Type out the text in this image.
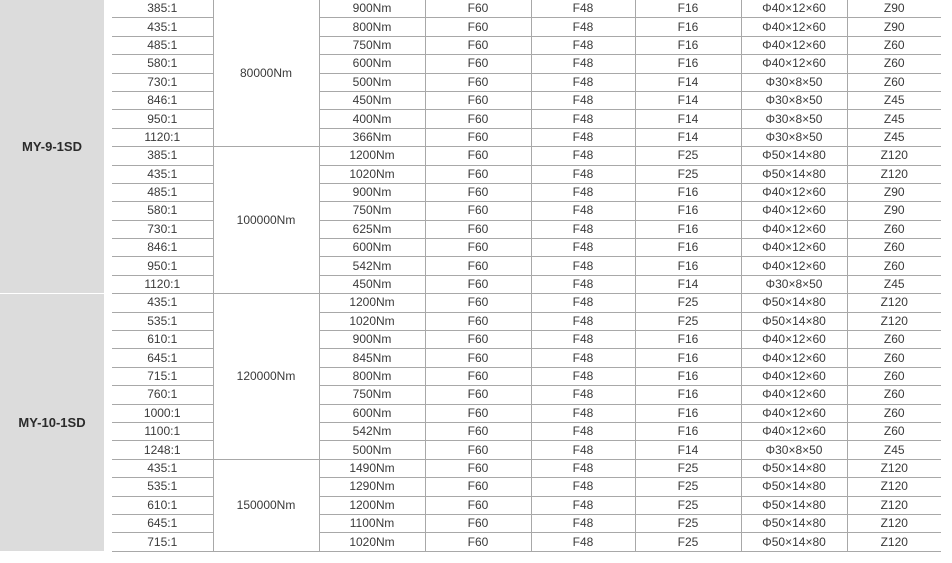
MY-9-1SD	385:1	80000Nm	900Nm	F60	F48	F16	Φ40×12×60	Z90
	435:1		800Nm	F60	F48	F16	Φ40×12×60	Z90
	485:1		750Nm	F60	F48	F16	Φ40×12×60	Z60
	580:1		600Nm	F60	F48	F16	Φ40×12×60	Z60
	730:1		500Nm	F60	F48	F14	Φ30×8×50	Z60
	846:1		450Nm	F60	F48	F14	Φ30×8×50	Z45
	950:1		400Nm	F60	F48	F14	Φ30×8×50	Z45
	1120:1		366Nm	F60	F48	F14	Φ30×8×50	Z45
	385:1	100000Nm	1200Nm	F60	F48	F25	Φ50×14×80	Z120
	435:1		1020Nm	F60	F48	F25	Φ50×14×80	Z120
	485:1		900Nm	F60	F48	F16	Φ40×12×60	Z90
	580:1		750Nm	F60	F48	F16	Φ40×12×60	Z90
	730:1		625Nm	F60	F48	F16	Φ40×12×60	Z60
	846:1		600Nm	F60	F48	F16	Φ40×12×60	Z60
	950:1		542Nm	F60	F48	F16	Φ40×12×60	Z60
	1120:1		450Nm	F60	F48	F14	Φ30×8×50	Z45
MY-10-1SD	435:1	120000Nm	1200Nm	F60	F48	F25	Φ50×14×80	Z120
	535:1		1020Nm	F60	F48	F25	Φ50×14×80	Z120
	610:1		900Nm	F60	F48	F16	Φ40×12×60	Z60
	645:1		845Nm	F60	F48	F16	Φ40×12×60	Z60
	715:1		800Nm	F60	F48	F16	Φ40×12×60	Z60
	760:1		750Nm	F60	F48	F16	Φ40×12×60	Z60
	1000:1		600Nm	F60	F48	F16	Φ40×12×60	Z60
	1100:1		542Nm	F60	F48	F16	Φ40×12×60	Z60
	1248:1		500Nm	F60	F48	F14	Φ30×8×50	Z45
	435:1	150000Nm	1490Nm	F60	F48	F25	Φ50×14×80	Z120
	535:1		1290Nm	F60	F48	F25	Φ50×14×80	Z120
	610:1		1200Nm	F60	F48	F25	Φ50×14×80	Z120
	645:1		1100Nm	F60	F48	F25	Φ50×14×80	Z120
	715:1		1020Nm	F60	F48	F25	Φ50×14×80	Z120
